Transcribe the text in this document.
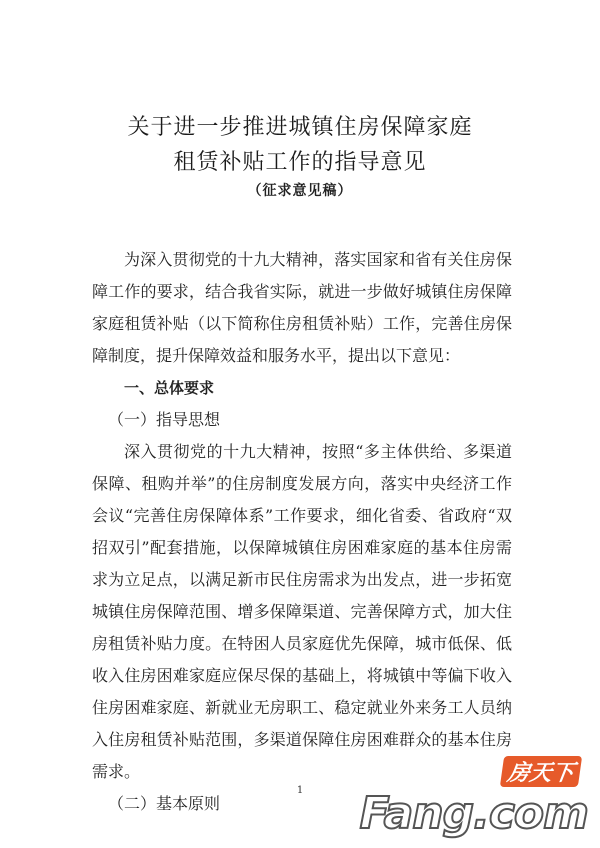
关于进一步推进城镇住房保障家庭
租赁补贴工作的指导意见
（征求意见稿）

为深入贯彻党的十九大精神，落实国家和省有关住房保障工作的要求，结合我省实际，就进一步做好城镇住房保障家庭租赁补贴（以下简称住房租赁补贴）工作，完善住房保障制度，提升保障效益和服务水平，提出以下意见：

一、总体要求

（一）指导思想

深入贯彻党的十九大精神，按照“多主体供给、多渠道保障、租购并举”的住房制度发展方向，落实中央经济工作会议“完善住房保障体系”工作要求，细化省委、省政府“双招双引”配套措施，以保障城镇住房困难家庭的基本住房需求为立足点，以满足新市民住房需求为出发点，进一步拓宽城镇住房保障范围、增多保障渠道、完善保障方式，加大住房租赁补贴力度。在特困人员家庭优先保障，城市低保、低收入住房困难家庭应保尽保的基础上，将城镇中等偏下收入住房困难家庭、新就业无房职工、稳定就业外来务工人员纳入住房租赁补贴范围，多渠道保障住房困难群众的基本住房需求。

（二）基本原则

1
房天下
Fang.com
